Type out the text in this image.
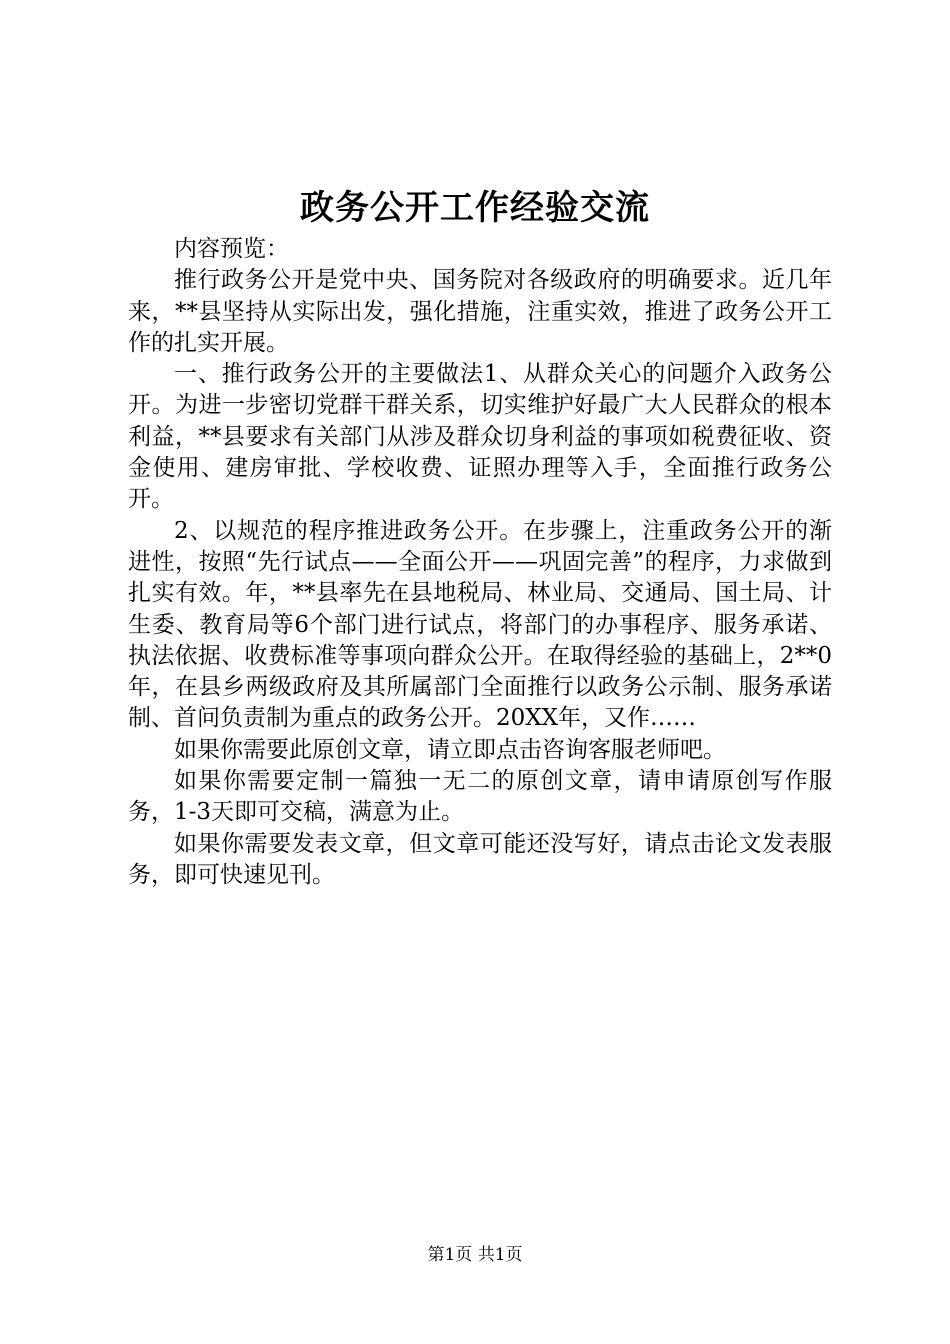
政务公开工作经验交流

内容预览：

推行政务公开是党中央、国务院对各级政府的明确要求。近几年来，**县坚持从实际出发，强化措施，注重实效，推进了政务公开工作的扎实开展。

一、推行政务公开的主要做法1、从群众关心的问题介入政务公开。为进一步密切党群干群关系，切实维护好最广大人民群众的根本利益，**县要求有关部门从涉及群众切身利益的事项如税费征收、资金使用、建房审批、学校收费、证照办理等入手，全面推行政务公开。

2、以规范的程序推进政务公开。在步骤上，注重政务公开的渐进性，按照“先行试点——全面公开——巩固完善”的程序，力求做到扎实有效。年，**县率先在县地税局、林业局、交通局、国土局、计生委、教育局等6个部门进行试点，将部门的办事程序、服务承诺、执法依据、收费标准等事项向群众公开。在取得经验的基础上，2**0年，在县乡两级政府及其所属部门全面推行以政务公示制、服务承诺制、首问负责制为重点的政务公开。20XX年，又作……

如果你需要此原创文章，请立即点击咨询客服老师吧。

如果你需要定制一篇独一无二的原创文章，请申请原创写作服务，1-3天即可交稿，满意为止。

如果你需要发表文章，但文章可能还没写好，请点击论文发表服务，即可快速见刊。

第1页 共1页
